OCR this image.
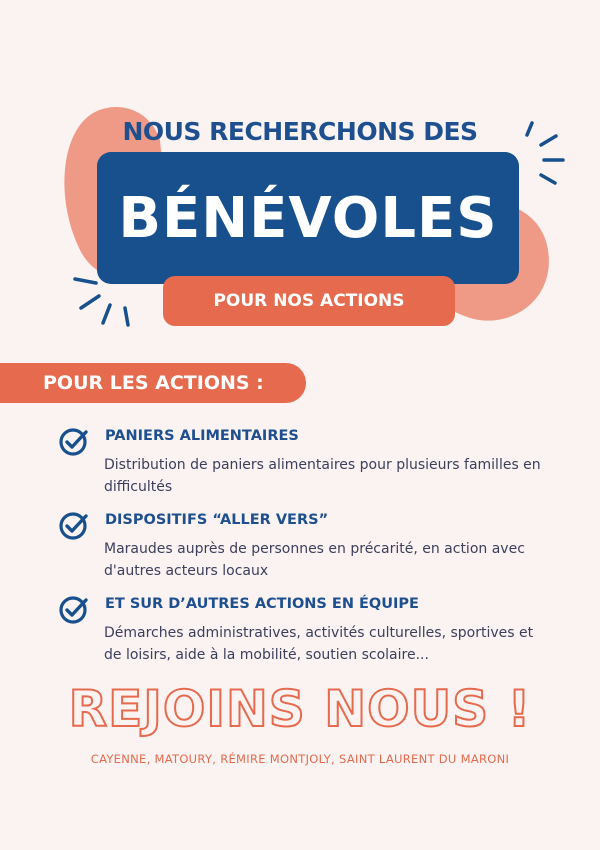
NOUS RECHERCHONS DES
BÉNÉVOLES
POUR NOS ACTIONS
POUR LES ACTIONS :
PANIERS ALIMENTAIRES
Distribution de paniers alimentaires pour plusieurs familles en difficultés
DISPOSITIFS “ALLER VERS”
Maraudes auprès de personnes en précarité, en action avec d'autres acteurs locaux
ET SUR D’AUTRES ACTIONS EN ÉQUIPE
Démarches administratives, activités culturelles, sportives et de loisirs, aide à la mobilité, soutien scolaire...
REJOINS NOUS !
CAYENNE, MATOURY, RÉMIRE MONTJOLY, SAINT LAURENT DU MARONI
